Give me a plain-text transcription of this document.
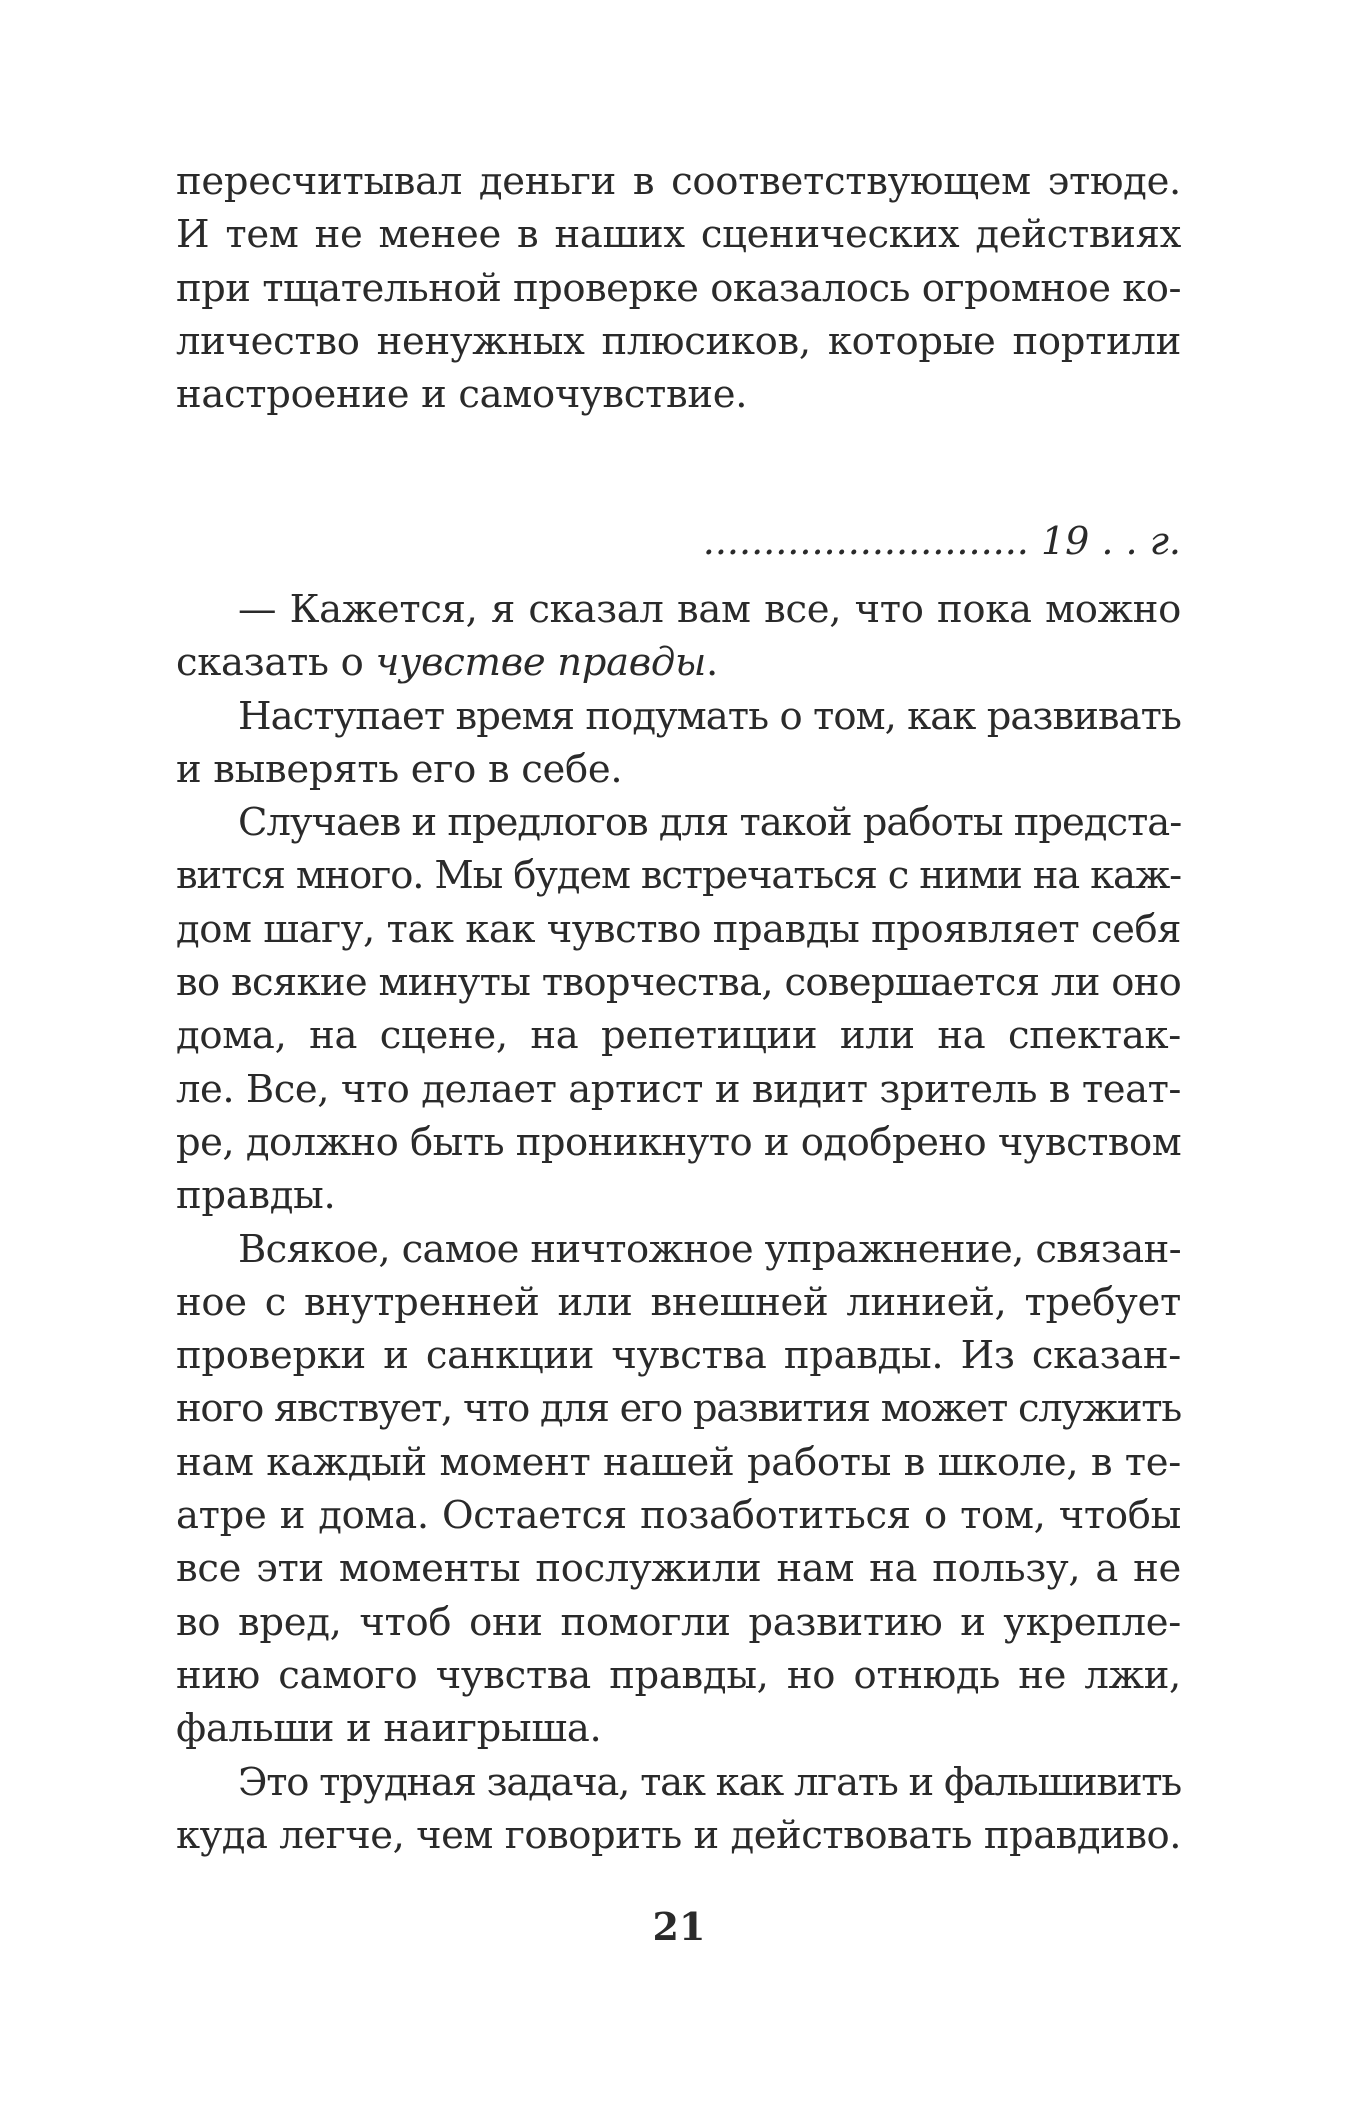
пересчитывал деньги в соответствующем этюде.
И тем не менее в наших сценических действиях
при тщательной проверке оказалось огромное ко-
личество ненужных плюсиков, которые портили
настроение и самочувствие.
........................... 19 . . г.

— Кажется, я сказал вам все, что пока можно
сказать о чувстве правды.

Наступает время подумать о том, как развивать
и выверять его в себе.

Случаев и предлогов для такой работы предста-
вится много. Мы будем встречаться с ними на каж-
дом шагу, так как чувство правды проявляет себя
во всякие минуты творчества, совершается ли оно
дома, на сцене, на репетиции или на спектак-
ле. Все, что делает артист и видит зритель в теат-
ре, должно быть проникнуто и одобрено чувством
правды.

Всякое, самое ничтожное упражнение, связан-
ное с внутренней или внешней линией, требует
проверки и санкции чувства правды. Из сказан-
ного явствует, что для его развития может служить
нам каждый момент нашей работы в школе, в те-
атре и дома. Остается позаботиться о том, чтобы
все эти моменты послужили нам на пользу, а не
во вред, чтоб они помогли развитию и укрепле-
нию самого чувства правды, но отнюдь не лжи,
фальши и наигрыша.

Это трудная задача, так как лгать и фальшивить
куда легче, чем говорить и действовать правдиво.

21
